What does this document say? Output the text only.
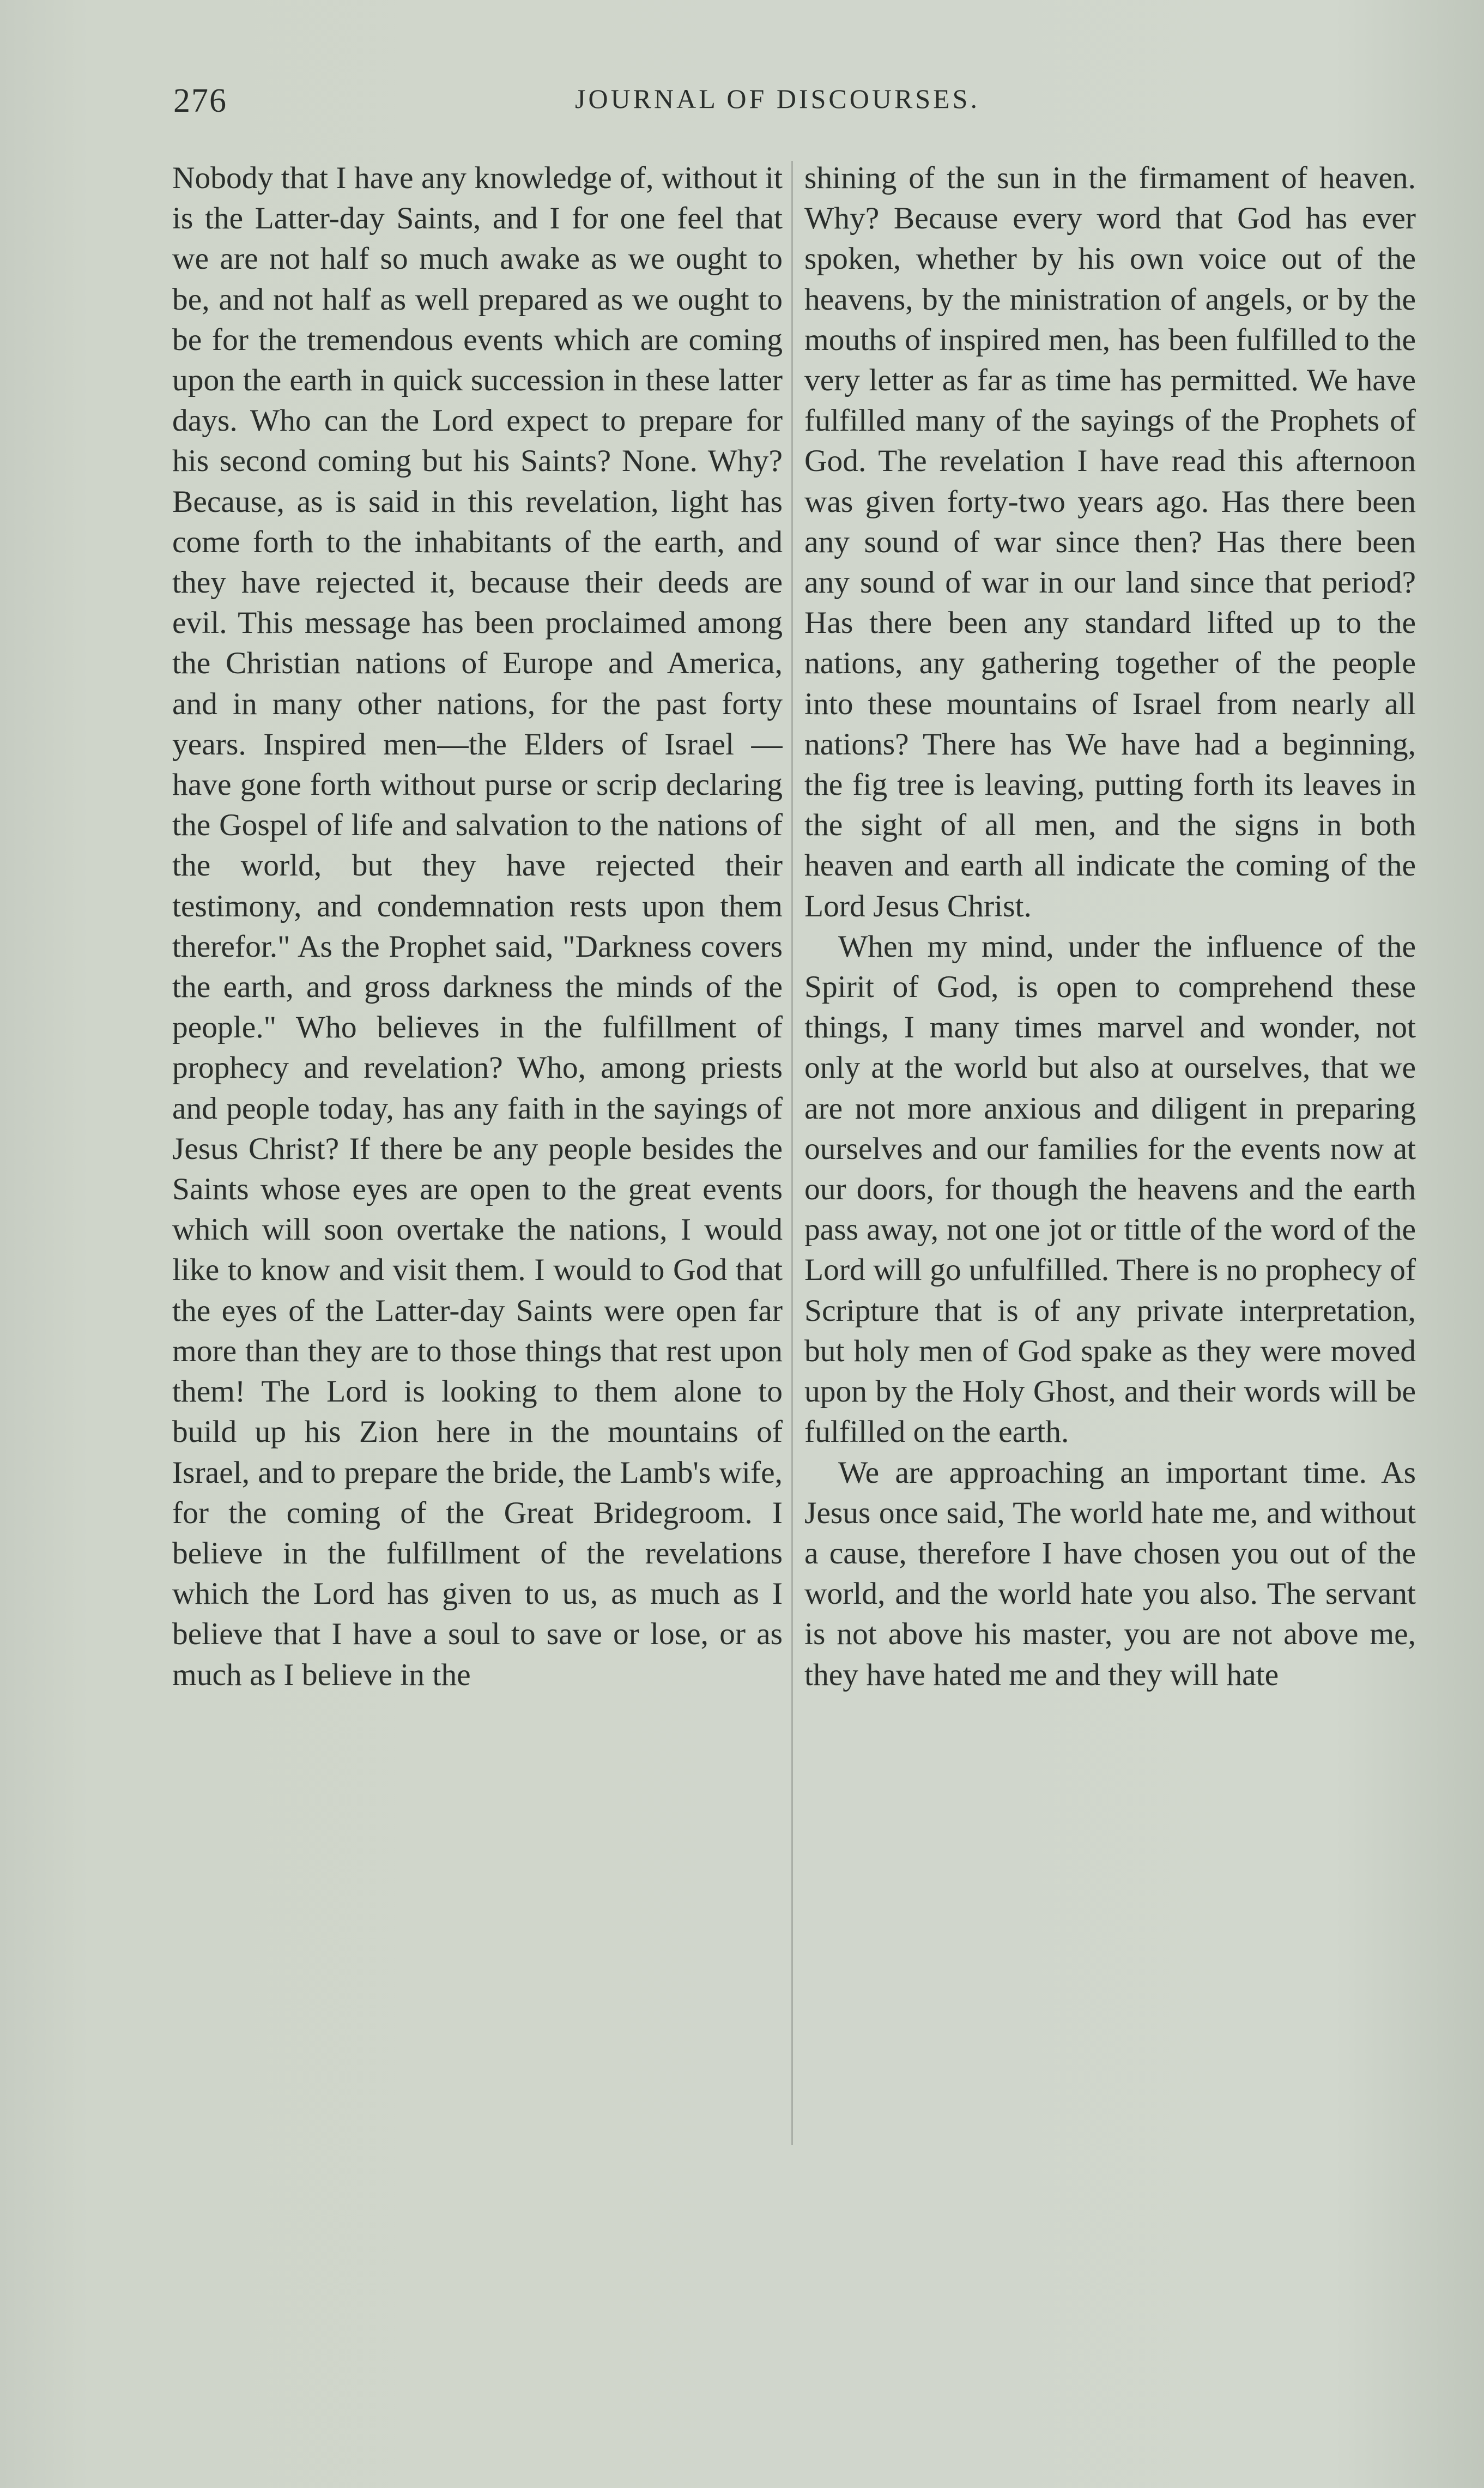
276	JOURNAL OF DISCOURSES.

Nobody that I have any knowledge of, without it is the Latter-day Saints, and I for one feel that we are not half so much awake as we ought to be, and not half as well prepared as we ought to be for the tremendous events which are coming upon the earth in quick succession in these latter days. Who can the Lord expect to prepare for his second coming but his Saints? None. Why? Because, as is said in this revelation, light has come forth to the inhabitants of the earth, and they have rejected it, because their deeds are evil. This message has been proclaimed among the Christian nations of Europe and America, and in many other nations, for the past forty years. Inspired men—the Elders of Israel — have gone forth without purse or scrip declaring the Gospel of life and salvation to the nations of the world, but they have rejected their testimony, and condemnation rests upon them therefor." As the Prophet said, "Darkness covers the earth, and gross darkness the minds of the people." Who believes in the fulfillment of prophecy and revelation? Who, among priests and people today, has any faith in the sayings of Jesus Christ? If there be any people besides the Saints whose eyes are open to the great events which will soon overtake the nations, I would like to know and visit them. I would to God that the eyes of the Latter-day Saints were open far more than they are to those things that rest upon them! The Lord is looking to them alone to build up his Zion here in the mountains of Israel, and to prepare the bride, the Lamb's wife, for the coming of the Great Bridegroom. I believe in the fulfillment of the revelations which the Lord has given to us, as much as I believe that I have a soul to save or lose, or as much as I believe in the

shining of the sun in the firmament of heaven. Why? Because every word that God has ever spoken, whether by his own voice out of the heavens, by the ministration of angels, or by the mouths of inspired men, has been fulfilled to the very letter as far as time has permitted. We have fulfilled many of the sayings of the Prophets of God. The revelation I have read this afternoon was given forty-two years ago. Has there been any sound of war since then? Has there been any sound of war in our land since that period? Has there been any standard lifted up to the nations, any gathering together of the people into these mountains of Israel from nearly all nations? There has We have had a beginning, the fig tree is leaving, putting forth its leaves in the sight of all men, and the signs in both heaven and earth all indicate the coming of the Lord Jesus Christ.

When my mind, under the influence of the Spirit of God, is open to comprehend these things, I many times marvel and wonder, not only at the world but also at ourselves, that we are not more anxious and diligent in preparing ourselves and our families for the events now at our doors, for though the heavens and the earth pass away, not one jot or tittle of the word of the Lord will go unfulfilled. There is no prophecy of Scripture that is of any private interpretation, but holy men of God spake as they were moved upon by the Holy Ghost, and their words will be fulfilled on the earth.

We are approaching an important time. As Jesus once said, The world hate me, and without a cause, therefore I have chosen you out of the world, and the world hate you also. The servant is not above his master, you are not above me, they have hated me and they will hate
